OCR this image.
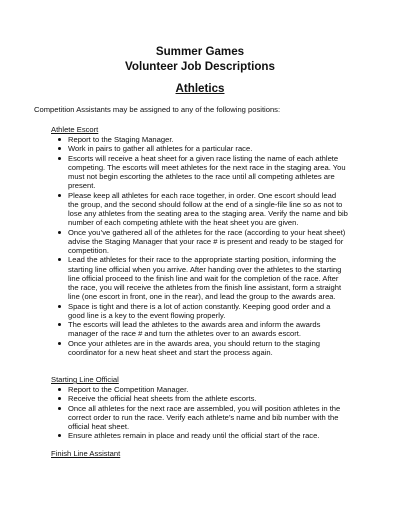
Summer Games
Volunteer Job Descriptions
Athletics

Competition Assistants may be assigned to any of the following positions:

Athlete Escort

Report to the Staging Manager.
Work in pairs to gather all athletes for a particular race.
Escorts will receive a heat sheet for a given race listing the name of each athlete competing. The escorts will meet athletes for the next race in the staging area. You must not begin escorting the athletes to the race until all competing athletes are present.
Please keep all athletes for each race together, in order. One escort should lead the group, and the second should follow at the end of a single-file line so as not to lose any athletes from the seating area to the staging area. Verify the name and bib number of each competing athlete with the heat sheet you are given.
Once you’ve gathered all of the athletes for the race (according to your heat sheet) advise the Staging Manager that your race # is present and ready to be staged for competition.
Lead the athletes for their race to the appropriate starting position, informing the starting line official when you arrive. After handing over the athletes to the starting line official proceed to the finish line and wait for the completion of the race. After the race, you will receive the athletes from the finish line assistant, form a straight line (one escort in front, one in the rear), and lead the group to the awards area.
Space is tight and there is a lot of action constantly. Keeping good order and a good line is a key to the event flowing properly.
The escorts will lead the athletes to the awards area and inform the awards manager of the race # and turn the athletes over to an awards escort.
Once your athletes are in the awards area, you should return to the staging coordinator for a new heat sheet and start the process again.

Starting Line Official

Report to the Competition Manager.
Receive the official heat sheets from the athlete escorts.
Once all athletes for the next race are assembled, you will position athletes in the correct order to run the race. Verify each athlete’s name and bib number with the official heat sheet.
Ensure athletes remain in place and ready until the official start of the race.

Finish Line Assistant
